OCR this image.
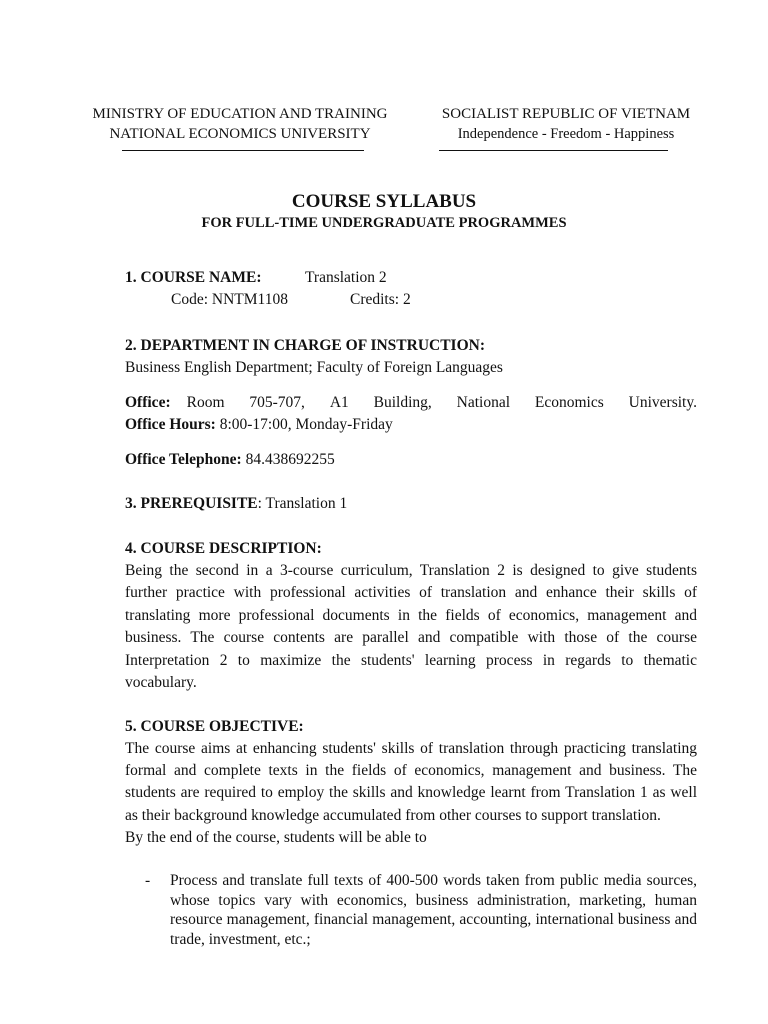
MINISTRY OF EDUCATION AND TRAINING
NATIONAL ECONOMICS UNIVERSITY
SOCIALIST REPUBLIC OF VIETNAM
Independence - Freedom - Happiness
COURSE SYLLABUS
FOR FULL-TIME UNDERGRADUATE PROGRAMMES
1. COURSE NAME:	Translation 2
Code: NNTM1108	Credits: 2
2. DEPARTMENT IN CHARGE OF INSTRUCTION:
Business English Department; Faculty of Foreign Languages
Office: Room 705-707, A1 Building, National Economics University.
Office Hours: 8:00-17:00, Monday-Friday
Office Telephone: 84.438692255
3. PREREQUISITE: Translation 1
4. COURSE DESCRIPTION:
Being the second in a 3-course curriculum, Translation 2 is designed to give students further practice with professional activities of translation and enhance their skills of translating more professional documents in the fields of economics, management and business. The course contents are parallel and compatible with those of the course Interpretation 2 to maximize the students' learning process in regards to thematic vocabulary.
5. COURSE OBJECTIVE:
The course aims at enhancing students' skills of translation through practicing translating formal and complete texts in the fields of economics, management and business. The students are required to employ the skills and knowledge learnt from Translation 1 as well as their background knowledge accumulated from other courses to support translation.
By the end of the course, students will be able to
-	Process and translate full texts of 400-500 words taken from public media sources, whose topics vary with economics, business administration, marketing, human resource management, financial management, accounting, international business and trade, investment, etc.;
